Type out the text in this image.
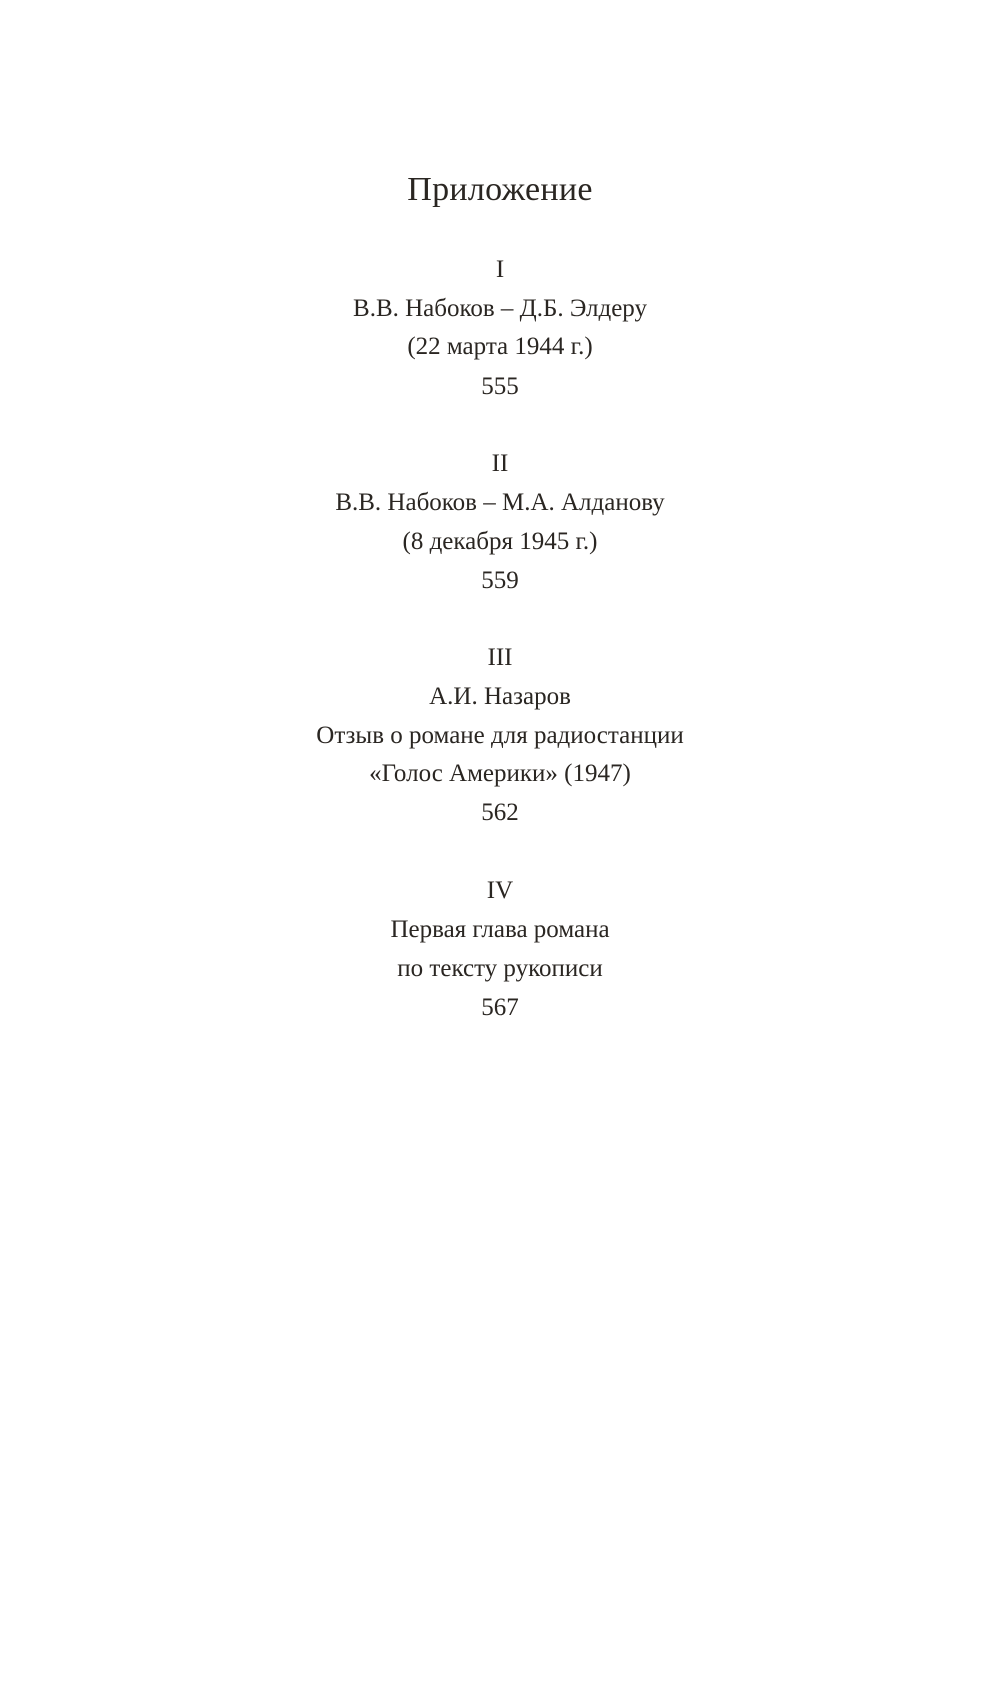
Приложение
I
В.В. Набоков – Д.Б. Элдеру
(22 марта 1944 г.)
555
II
В.В. Набоков – М.А. Алданову
(8 декабря 1945 г.)
559
III
А.И. Назаров
Отзыв о романе для радиостанции
«Голос Америки» (1947)
562
IV
Первая глава романа
по тексту рукописи
567
